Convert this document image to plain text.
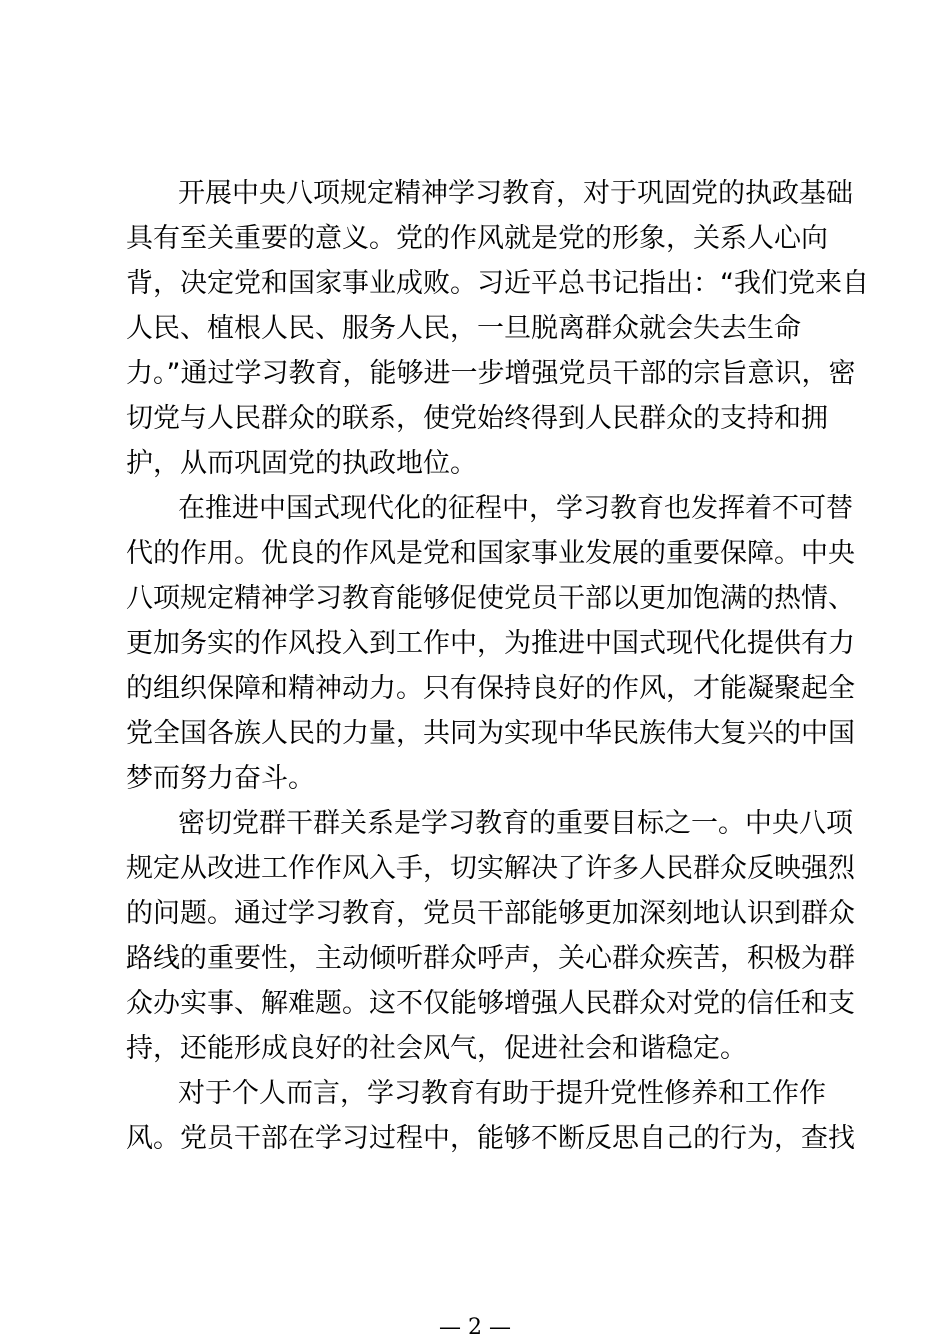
开展中央八项规定精神学习教育，对于巩固党的执政基础
具有至关重要的意义。党的作风就是党的形象，关系人心向
背，决定党和国家事业成败。习近平总书记指出：“我们党来自
人民、植根人民、服务人民，一旦脱离群众就会失去生命
力。”通过学习教育，能够进一步增强党员干部的宗旨意识，密
切党与人民群众的联系，使党始终得到人民群众的支持和拥
护，从而巩固党的执政地位。
在推进中国式现代化的征程中，学习教育也发挥着不可替
代的作用。优良的作风是党和国家事业发展的重要保障。中央
八项规定精神学习教育能够促使党员干部以更加饱满的热情、
更加务实的作风投入到工作中，为推进中国式现代化提供有力
的组织保障和精神动力。只有保持良好的作风，才能凝聚起全
党全国各族人民的力量，共同为实现中华民族伟大复兴的中国
梦而努力奋斗。
密切党群干群关系是学习教育的重要目标之一。中央八项
规定从改进工作作风入手，切实解决了许多人民群众反映强烈
的问题。通过学习教育，党员干部能够更加深刻地认识到群众
路线的重要性，主动倾听群众呼声，关心群众疾苦，积极为群
众办实事、解难题。这不仅能够增强人民群众对党的信任和支
持，还能形成良好的社会风气，促进社会和谐稳定。
对于个人而言，学习教育有助于提升党性修养和工作作
风。党员干部在学习过程中，能够不断反思自己的行为，查找
— 2 —
